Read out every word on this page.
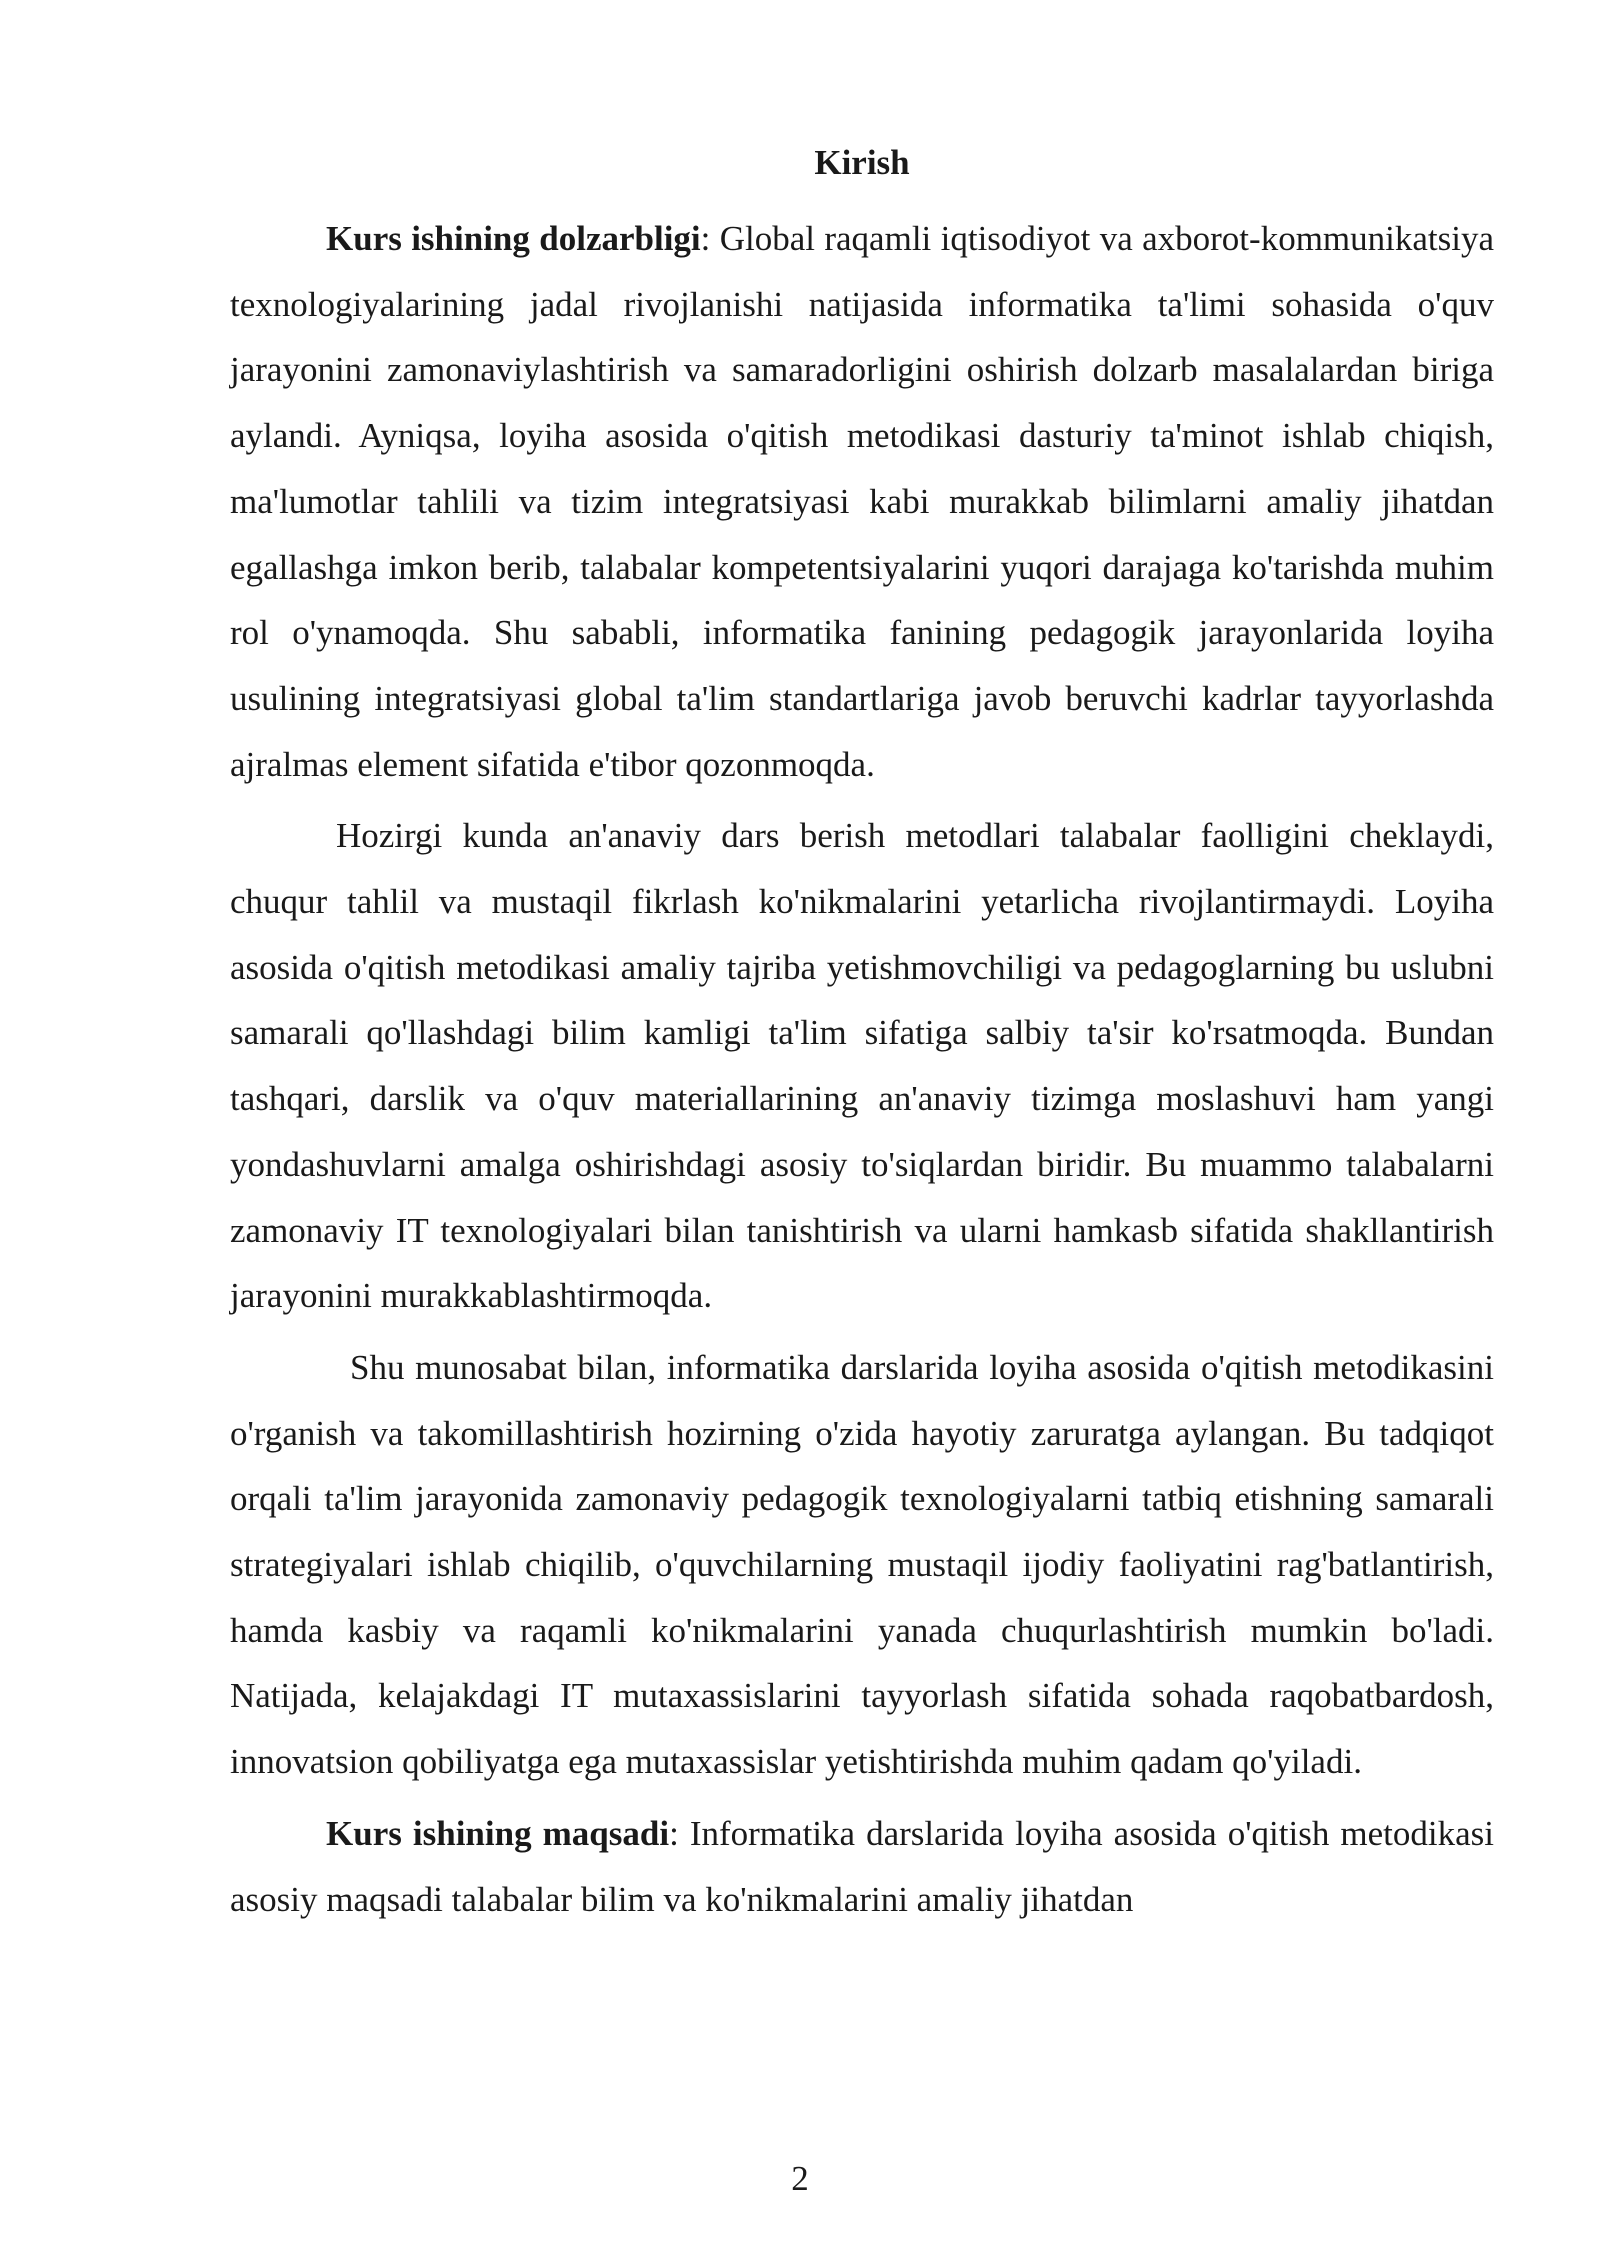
Kirish

Kurs ishining dolzarbligi: Global raqamli iqtisodiyot va axborot-kommunikatsiya texnologiyalarining jadal rivojlanishi natijasida informatika ta'limi sohasida o'quv jarayonini zamonaviylashtirish va samaradorligini oshirish dolzarb masalalardan biriga aylandi. Ayniqsa, loyiha asosida o'qitish metodikasi dasturiy ta'minot ishlab chiqish, ma'lumotlar tahlili va tizim integratsiyasi kabi murakkab bilimlarni amaliy jihatdan egallashga imkon berib, talabalar kompetentsiyalarini yuqori darajaga ko'tarishda muhim rol o'ynamoqda. Shu sababli, informatika fanining pedagogik jarayonlarida loyiha usulining integratsiyasi global ta'lim standartlariga javob beruvchi kadrlar tayyorlashda ajralmas element sifatida e'tibor qozonmoqda.

Hozirgi kunda an'anaviy dars berish metodlari talabalar faolligini cheklaydi, chuqur tahlil va mustaqil fikrlash ko'nikmalarini yetarlicha rivojlantirmaydi. Loyiha asosida o'qitish metodikasi amaliy tajriba yetishmovchiligi va pedagoglarning bu uslubni samarali qo'llashdagi bilim kamligi ta'lim sifatiga salbiy ta'sir ko'rsatmoqda. Bundan tashqari, darslik va o'quv materiallarining an'anaviy tizimga moslashuvi ham yangi yondashuvlarni amalga oshirishdagi asosiy to'siqlardan biridir. Bu muammo talabalarni zamonaviy IT texnologiyalari bilan tanishtirish va ularni hamkasb sifatida shakllantirish jarayonini murakkablashtirmoqda.

Shu munosabat bilan, informatika darslarida loyiha asosida o'qitish metodikasini o'rganish va takomillashtirish hozirning o'zida hayotiy zaruratga aylangan. Bu tadqiqot orqali ta'lim jarayonida zamonaviy pedagogik texnologiyalarni tatbiq etishning samarali strategiyalari ishlab chiqilib, o'quvchilarning mustaqil ijodiy faoliyatini rag'batlantirish, hamda kasbiy va raqamli ko'nikmalarini yanada chuqurlashtirish mumkin bo'ladi. Natijada, kelajakdagi IT mutaxassislarini tayyorlash sifatida sohada raqobatbardosh, innovatsion qobiliyatga ega mutaxassislar yetishtirishda muhim qadam qo'yiladi.

Kurs ishining maqsadi: Informatika darslarida loyiha asosida o'qitish metodikasi asosiy maqsadi talabalar bilim va ko'nikmalarini amaliy jihatdan

2
